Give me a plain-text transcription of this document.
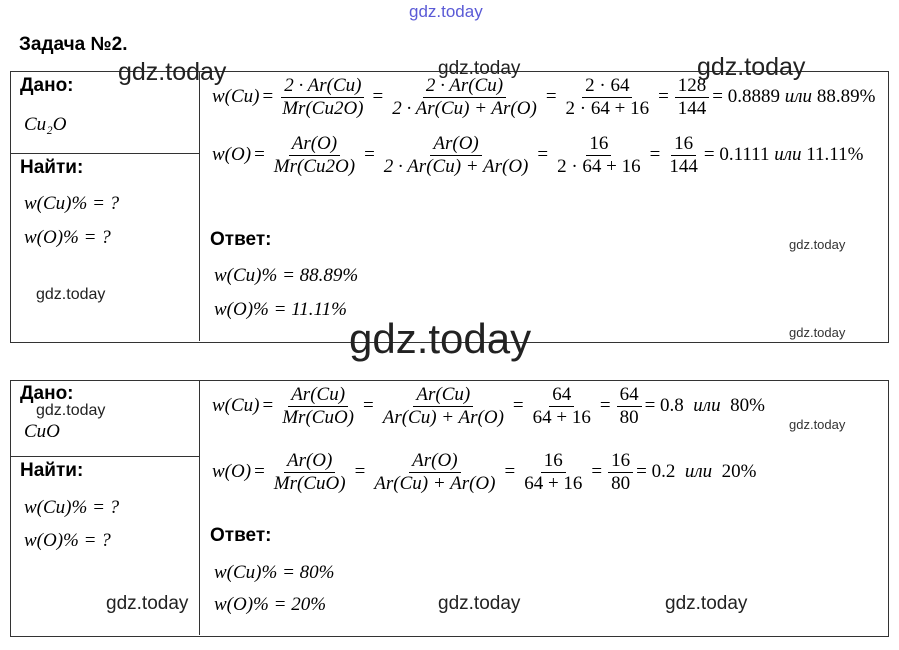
gdz.today
Задача №2.
Дано:
Cu₂O
Найти:
w(Cu)% = ?
w(O)% = ?
$w(Cu) = \frac{2 \cdot Ar(Cu)}{Mr(Cu2O)} = \frac{2 \cdot Ar(Cu)}{2 \cdot Ar(Cu) + Ar(O)} = \frac{2 \cdot 64}{2 \cdot 64 + 16} = \frac{128}{144} = 0.8889$
или
88.89%
$w(O) = \frac{Ar(O)}{Mr(Cu2O)} = \frac{Ar(O)}{2 \cdot Ar(Cu) + Ar(O)} = \frac{16}{2 \cdot 64 + 16} = \frac{16}{144} = 0.1111$
или
11.11%
Ответ:
w(Cu)% = 88.89%
w(O)% = 11.11%
Дано:
CuO
Найти:
w(Cu)% = ?
w(O)% = ?
$w(Cu) = \frac{Ar(Cu)}{\text{Mr(CuO)}} = \frac{Ar(Cu)}{Ar(Cu) + Ar(O)} = \frac{64}{64 + 16} = \frac{64}{80} = 0.8$
или
80%
$w(O) = \frac{Ar(O)}{\text{Mr(CuO)}} = \frac{Ar(O)}{Ar(Cu) + Ar(O)} = \frac{16}{64 + 16} = \frac{16}{80} = 0.2$
или
20%
Ответ:
w(Cu)% = 80%
w(O)% = 20%
gdz.today	gdz.today	gdz.today
gdz.today
gdz.today
gdz.today
gdz.today
gdz.today
gdz.today
gdz.today	gdz.today	gdz.today
